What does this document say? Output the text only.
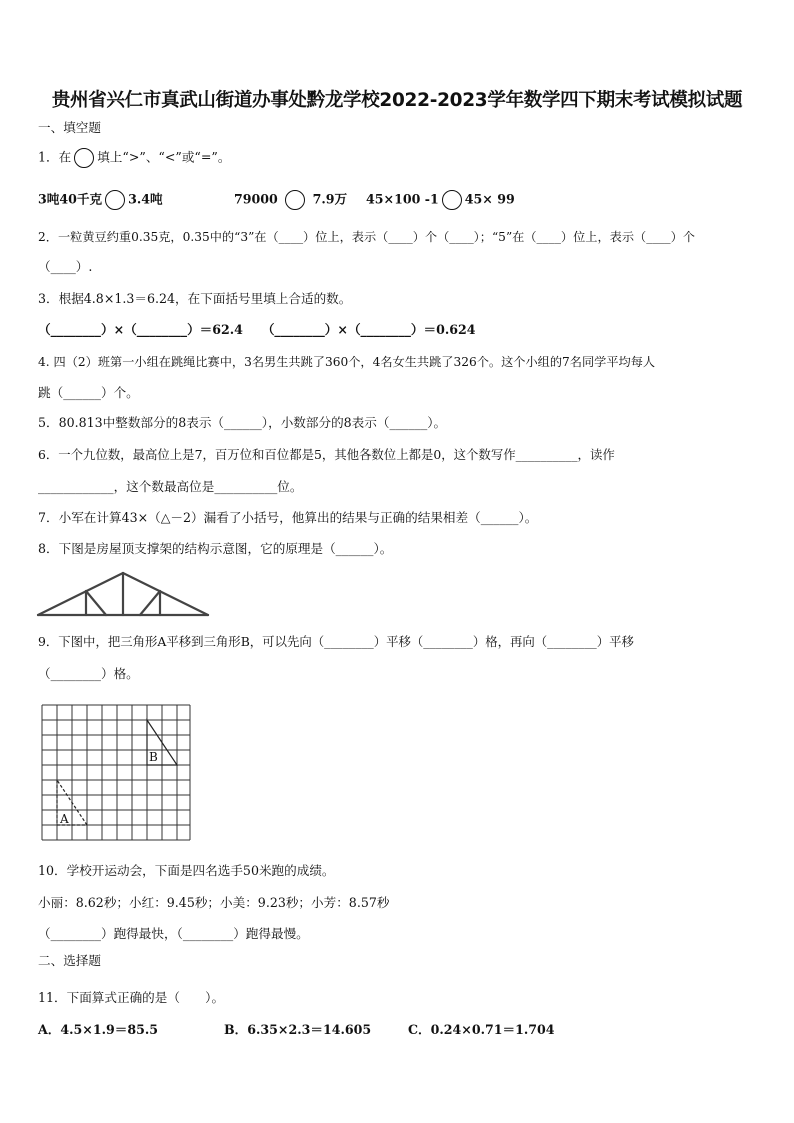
贵州省兴仁市真武山街道办事处黔龙学校2022-2023学年数学四下期末考试模拟试题
一、填空题
1．在 填上“>”、“<”或“=”。
3吨40千克 3.4吨	79000	7.9万 45×100 -1 45× 99
2．一粒黄豆约重0.35克，0.35中的“3”在（____）位上，表示（____）个（____）；“5”在（____）位上，表示（____）个
（____）.
3．根据4.8×1.3＝6.24，在下面括号里填上合适的数。
（________）×（________）＝62.4　　（________）×（________）＝0.624
4. 四（2）班第一小组在跳绳比赛中，3名男生共跳了360个，4名女生共跳了326个。这个小组的7名同学平均每人
跳（______）个。
5．80.813中整数部分的8表示（______），小数部分的8表示（______）。
6．一个九位数，最高位上是7，百万位和百位都是5，其他各数位上都是0，这个数写作__________，读作
____________，这个数最高位是__________位。
7．小军在计算43×（△－2）漏看了小括号，他算出的结果与正确的结果相差（______）。
8．下图是房屋顶支撑架的结构示意图，它的原理是（______）。
9．下图中，把三角形A平移到三角形B，可以先向（________）平移（________）格，再向（________）平移
（________）格。
A
B
10．学校开运动会，下面是四名选手50米跑的成绩。
小丽：8.62秒；小红：9.45秒；小美：9.23秒；小芳：8.57秒
（________）跑得最快，（________）跑得最慢。
二、选择题
11．下面算式正确的是（　　）。
A．4.5×1.9＝85.5	B．6.35×2.3＝14.605	C．0.24×0.71＝1.704
